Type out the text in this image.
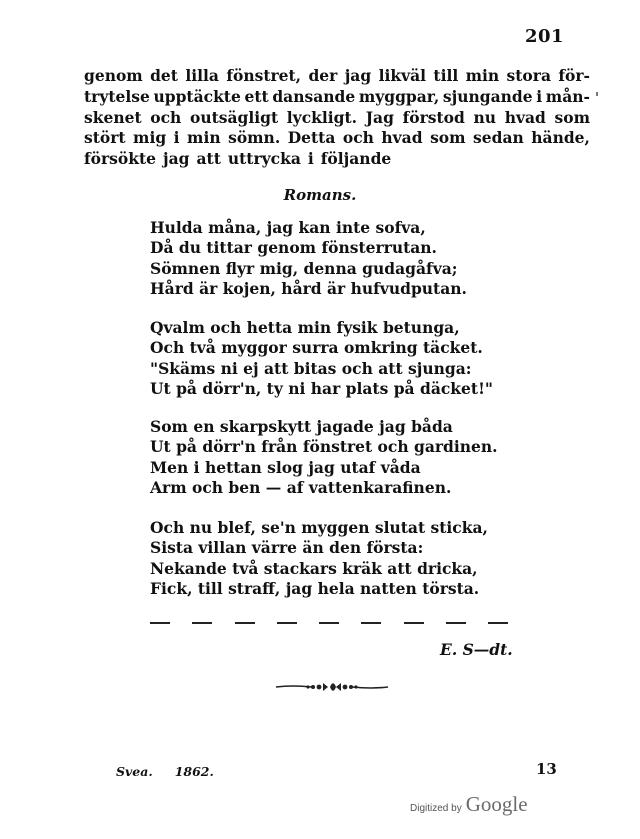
201
genom det lilla fönstret, der jag likväl till min stora för-
trytelse upptäckte ett dansande myggpar, sjungande i mån-
skenet och outsägligt lyckligt. Jag förstod nu hvad som
stört mig i min sömn. Detta och hvad som sedan hände,
försökte jag att uttrycka i följande
Romans.
Hulda måna, jag kan inte sofva,
Då du tittar genom fönsterrutan.
Sömnen flyr mig, denna gudagåfva;
Hård är kojen, hård är hufvudputan.
Qvalm och hetta min fysik betunga,
Och två myggor surra omkring täcket.
"Skäms ni ej att bitas och att sjunga:
Ut på dörr'n, ty ni har plats på däcket!"
Som en skarpskytt jagade jag båda
Ut på dörr'n från fönstret och gardinen.
Men i hettan slog jag utaf våda
Arm och ben — af vattenkarafinen.
Och nu blef, se'n myggen slutat sticka,
Sista villan värre än den första:
Nekande två stackars kräk att dricka,
Fick, till straff, jag hela natten törsta.
E. S—dt.
Svea. 1862.	13
Digitized by Google
